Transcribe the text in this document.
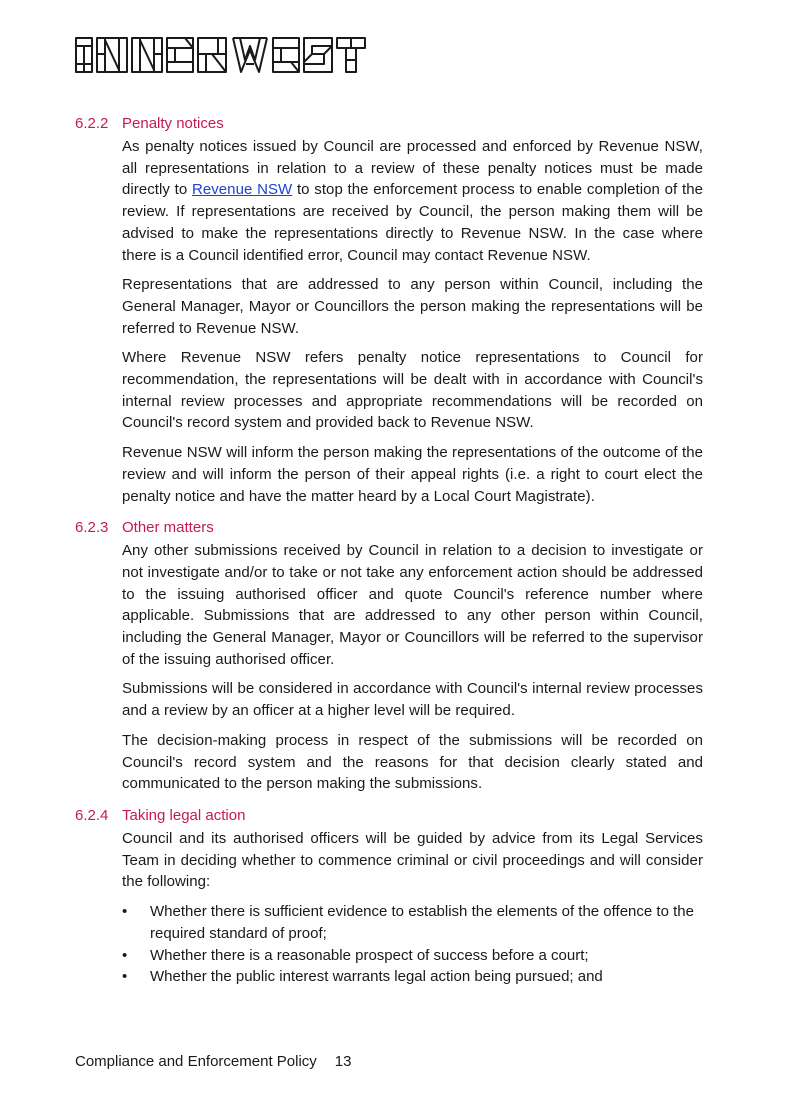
6.2.2 Penalty notices

As penalty notices issued by Council are processed and enforced by Revenue NSW, all representations in relation to a review of these penalty notices must be made directly to Revenue NSW to stop the enforcement process to enable completion of the review. If representations are received by Council, the person making them will be advised to make the representations directly to Revenue NSW. In the case where there is a Council identified error, Council may contact Revenue NSW.

Representations that are addressed to any person within Council, including the General Manager, Mayor or Councillors the person making the representations will be referred to Revenue NSW.

Where Revenue NSW refers penalty notice representations to Council for recommendation, the representations will be dealt with in accordance with Council's internal review processes and appropriate recommendations will be recorded on Council's record system and provided back to Revenue NSW.

Revenue NSW will inform the person making the representations of the outcome of the review and will inform the person of their appeal rights (i.e. a right to court elect the penalty notice and have the matter heard by a Local Court Magistrate).

6.2.3 Other matters

Any other submissions received by Council in relation to a decision to investigate or not investigate and/or to take or not take any enforcement action should be addressed to the issuing authorised officer and quote Council's reference number where applicable. Submissions that are addressed to any other person within Council, including the General Manager, Mayor or Councillors will be referred to the supervisor of the issuing authorised officer.

Submissions will be considered in accordance with Council's internal review processes and a review by an officer at a higher level will be required.

The decision-making process in respect of the submissions will be recorded on Council's record system and the reasons for that decision clearly stated and communicated to the person making the submissions.

6.2.4 Taking legal action

Council and its authorised officers will be guided by advice from its Legal Services Team in deciding whether to commence criminal or civil proceedings and will consider the following:

• Whether there is sufficient evidence to establish the elements of the offence to the required standard of proof;
• Whether there is a reasonable prospect of success before a court;
• Whether the public interest warrants legal action being pursued; and
Compliance and Enforcement Policy 13
